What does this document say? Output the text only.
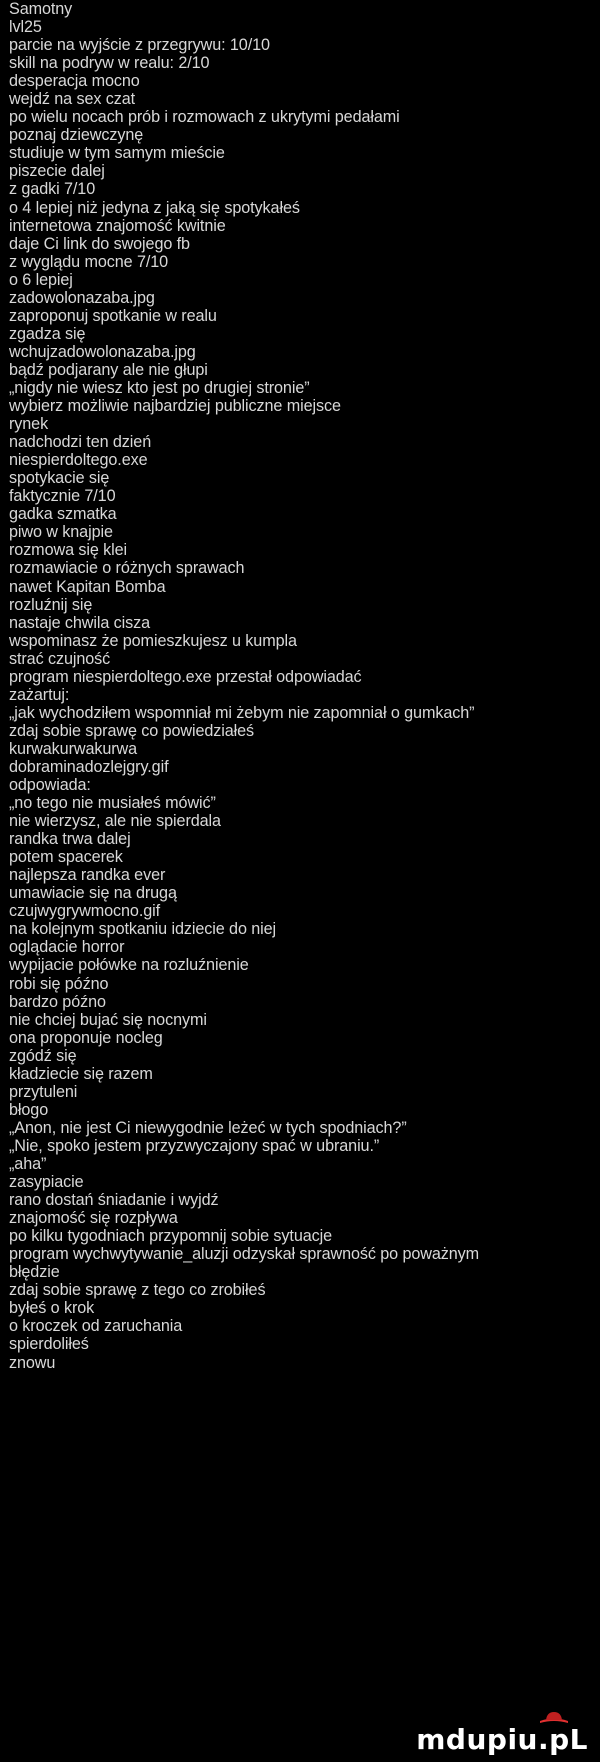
Samotny
lvl25
parcie na wyjście z przegrywu: 10/10
skill na podryw w realu: 2/10
desperacja mocno
wejdź na sex czat
po wielu nocach prób i rozmowach z ukrytymi pedałami
poznaj dziewczynę
studiuje w tym samym mieście
piszecie dalej
z gadki 7/10
o 4 lepiej niż jedyna z jaką się spotykałeś
internetowa znajomość kwitnie
daje Ci link do swojego fb
z wyglądu mocne 7/10
o 6 lepiej
zadowolonazaba.jpg
zaproponuj spotkanie w realu
zgadza się
wchujzadowolonazaba.jpg
bądź podjarany ale nie głupi
„nigdy nie wiesz kto jest po drugiej stronie”
wybierz możliwie najbardziej publiczne miejsce
rynek
nadchodzi ten dzień
niespierdoltego.exe
spotykacie się
faktycznie 7/10
gadka szmatka
piwo w knajpie
rozmowa się klei
rozmawiacie o różnych sprawach
nawet Kapitan Bomba
rozluźnij się
nastaje chwila cisza
wspominasz że pomieszkujesz u kumpla
strać czujność
program niespierdoltego.exe przestał odpowiadać
zażartuj:
„jak wychodziłem wspomniał mi żebym nie zapomniał o gumkach”
zdaj sobie sprawę co powiedziałeś
kurwakurwakurwa
dobraminadozlejgry.gif
odpowiada:
„no tego nie musiałeś mówić”
nie wierzysz, ale nie spierdala
randka trwa dalej
potem spacerek
najlepsza randka ever
umawiacie się na drugą
czujwygrywmocno.gif
na kolejnym spotkaniu idziecie do niej
oglądacie horror
wypijacie połówke na rozluźnienie
robi się późno
bardzo późno
nie chciej bujać się nocnymi
ona proponuje nocleg
zgódź się
kładziecie się razem
przytuleni
błogo
„Anon, nie jest Ci niewygodnie leżeć w tych spodniach?”
„Nie, spoko jestem przyzwyczajony spać w ubraniu.”
„aha”
zasypiacie
rano dostań śniadanie i wyjdź
znajomość się rozpływa
po kilku tygodniach przypomnij sobie sytuacje
program wychwytywanie_aluzji odzyskał sprawność po poważnym
błędzie
zdaj sobie sprawę z tego co zrobiłeś
byłeś o krok
o kroczek od zaruchania
spierdoliłeś
znowu
mdupiu.pL
